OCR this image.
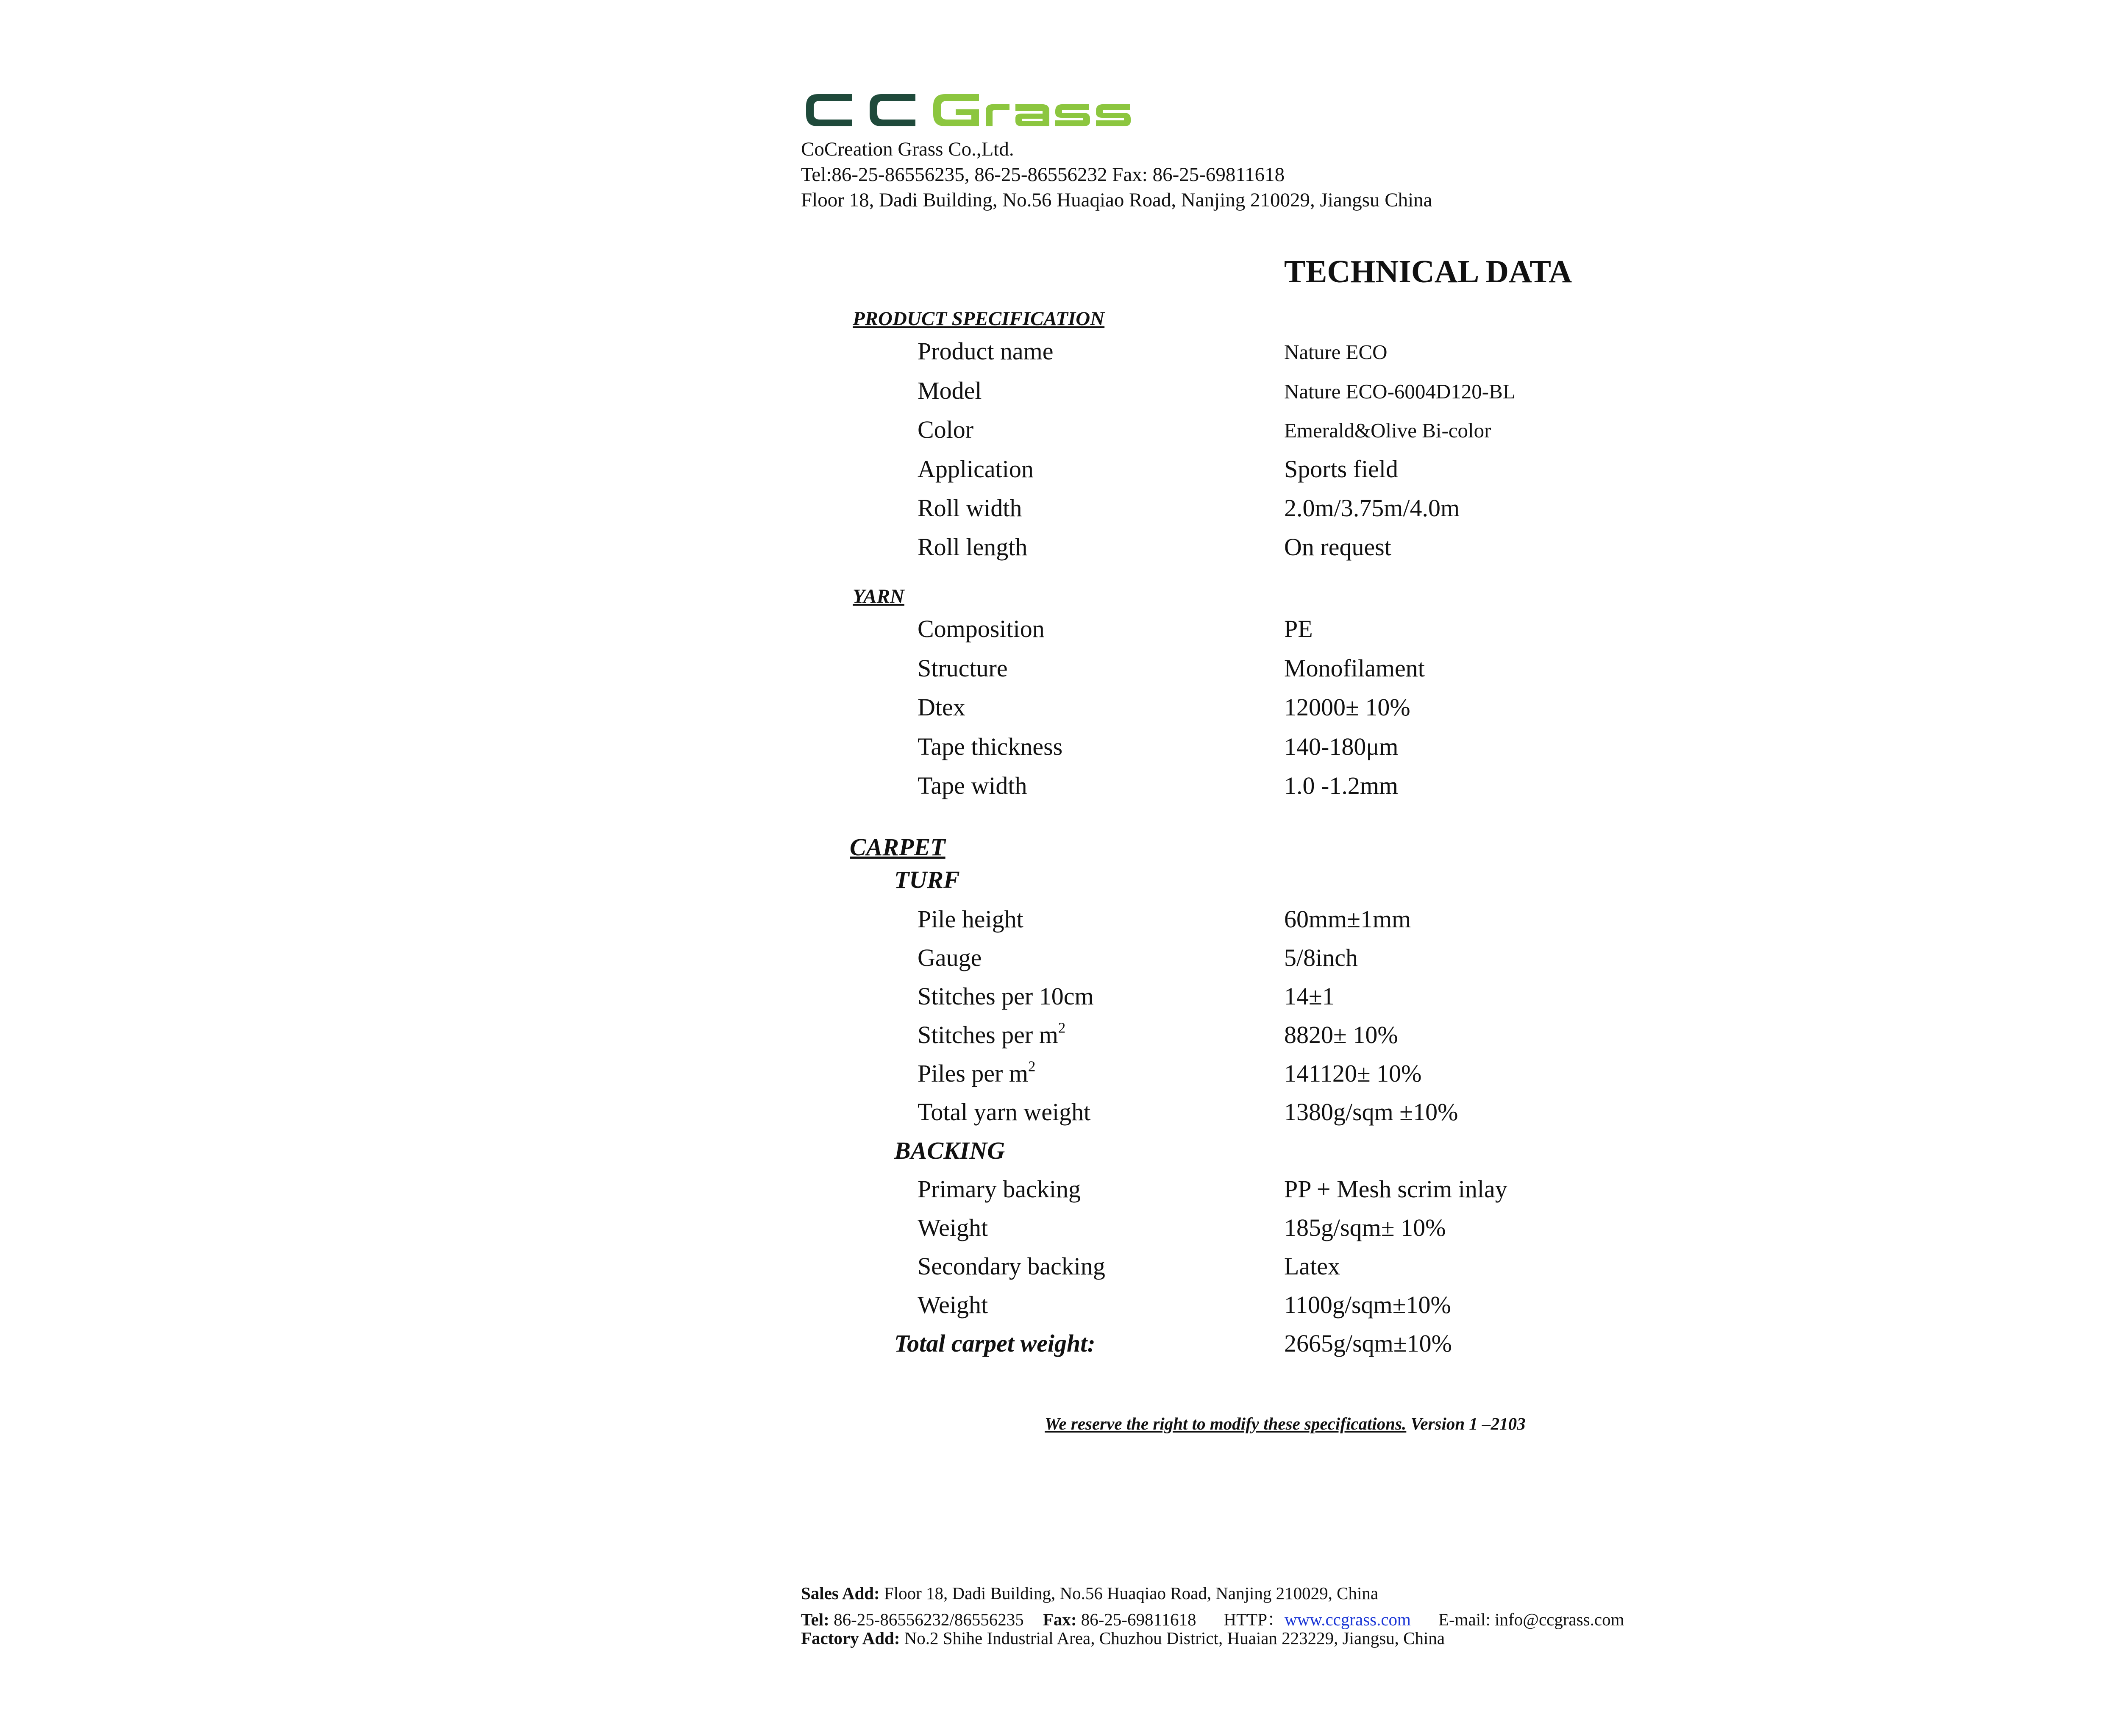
CoCreation Grass Co.,Ltd.
Tel:86-25-86556235, 86-25-86556232 Fax: 86-25-69811618
Floor 18, Dadi Building, No.56 Huaqiao Road, Nanjing 210029, Jiangsu China
TECHNICAL DATA
PRODUCT SPECIFICATION
Product name	Nature ECO
Model	Nature ECO-6004D120-BL
Color	Emerald&Olive Bi-color
Application	Sports field
Roll width	2.0m/3.75m/4.0m
Roll length	On request
YARN
Composition	PE
Structure	Monofilament
Dtex	12000± 10%
Tape thickness	140-180μm
Tape width	1.0 -1.2mm
CARPET
TURF
Pile height	60mm±1mm
Gauge	5/8inch
Stitches per 10cm	14±1
Stitches per $m^2$	8820± 10%
Piles per $m^2$	141120± 10%
Total yarn weight	1380g/sqm ±10%
BACKING
Primary backing	PP + Mesh scrim inlay
Weight	185g/sqm± 10%
Secondary backing	Latex
Weight	1100g/sqm±10%
Total carpet weight:	2665g/sqm±10%
We reserve the right to modify these specifications. Version 1 –2103
Sales Add: Floor 18, Dadi Building, No.56 Huaqiao Road, Nanjing 210029, China
Tel: 86-25-86556232/86556235 Fax: 86-25-69811618 HTTP：www.ccgrass.com E-mail: info@ccgrass.com
Factory Add: No.2 Shihe Industrial Area, Chuzhou District, Huaian 223229, Jiangsu, China
